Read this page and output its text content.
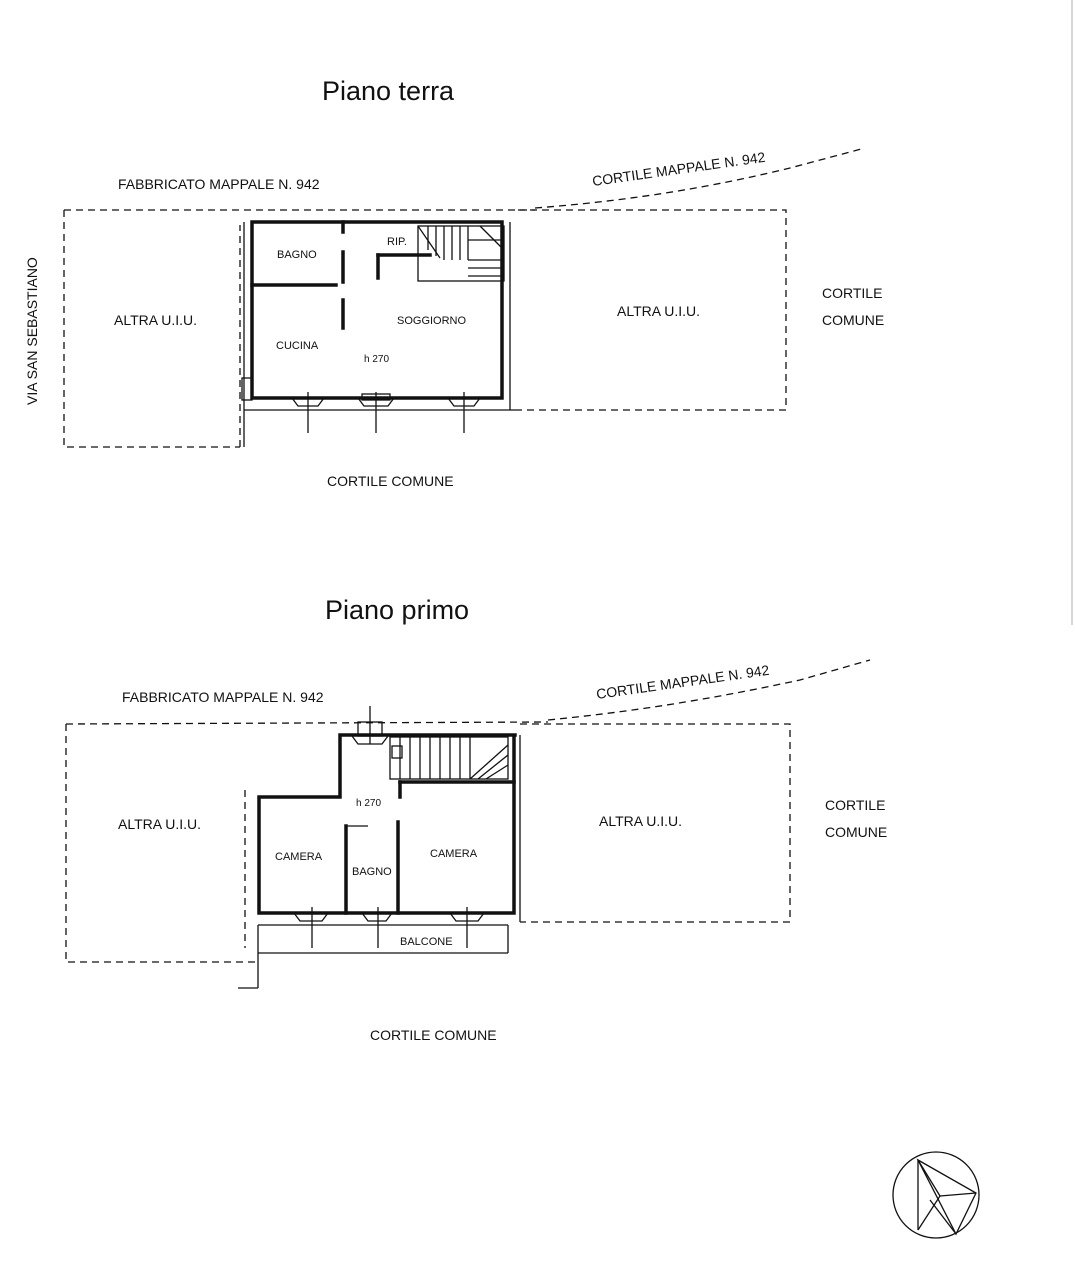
Piano terra
FABBRICATO MAPPALE N. 942	CORTILE MAPPALE N. 942
VIA SAN SEBASTIANO	ALTRA U.I.U.
ALTRA U.I.U.
CORTILE
COMUNE
BAGNO
RIP.
CUCINA
SOGGIORNO
h 270
CORTILE COMUNE
Piano primo
FABBRICATO MAPPALE N. 942	CORTILE MAPPALE N. 942
ALTRA U.I.U.	ALTRA U.I.U.
CORTILE
COMUNE
h 270
CAMERA
BAGNO
CAMERA
BALCONE
CORTILE COMUNE
